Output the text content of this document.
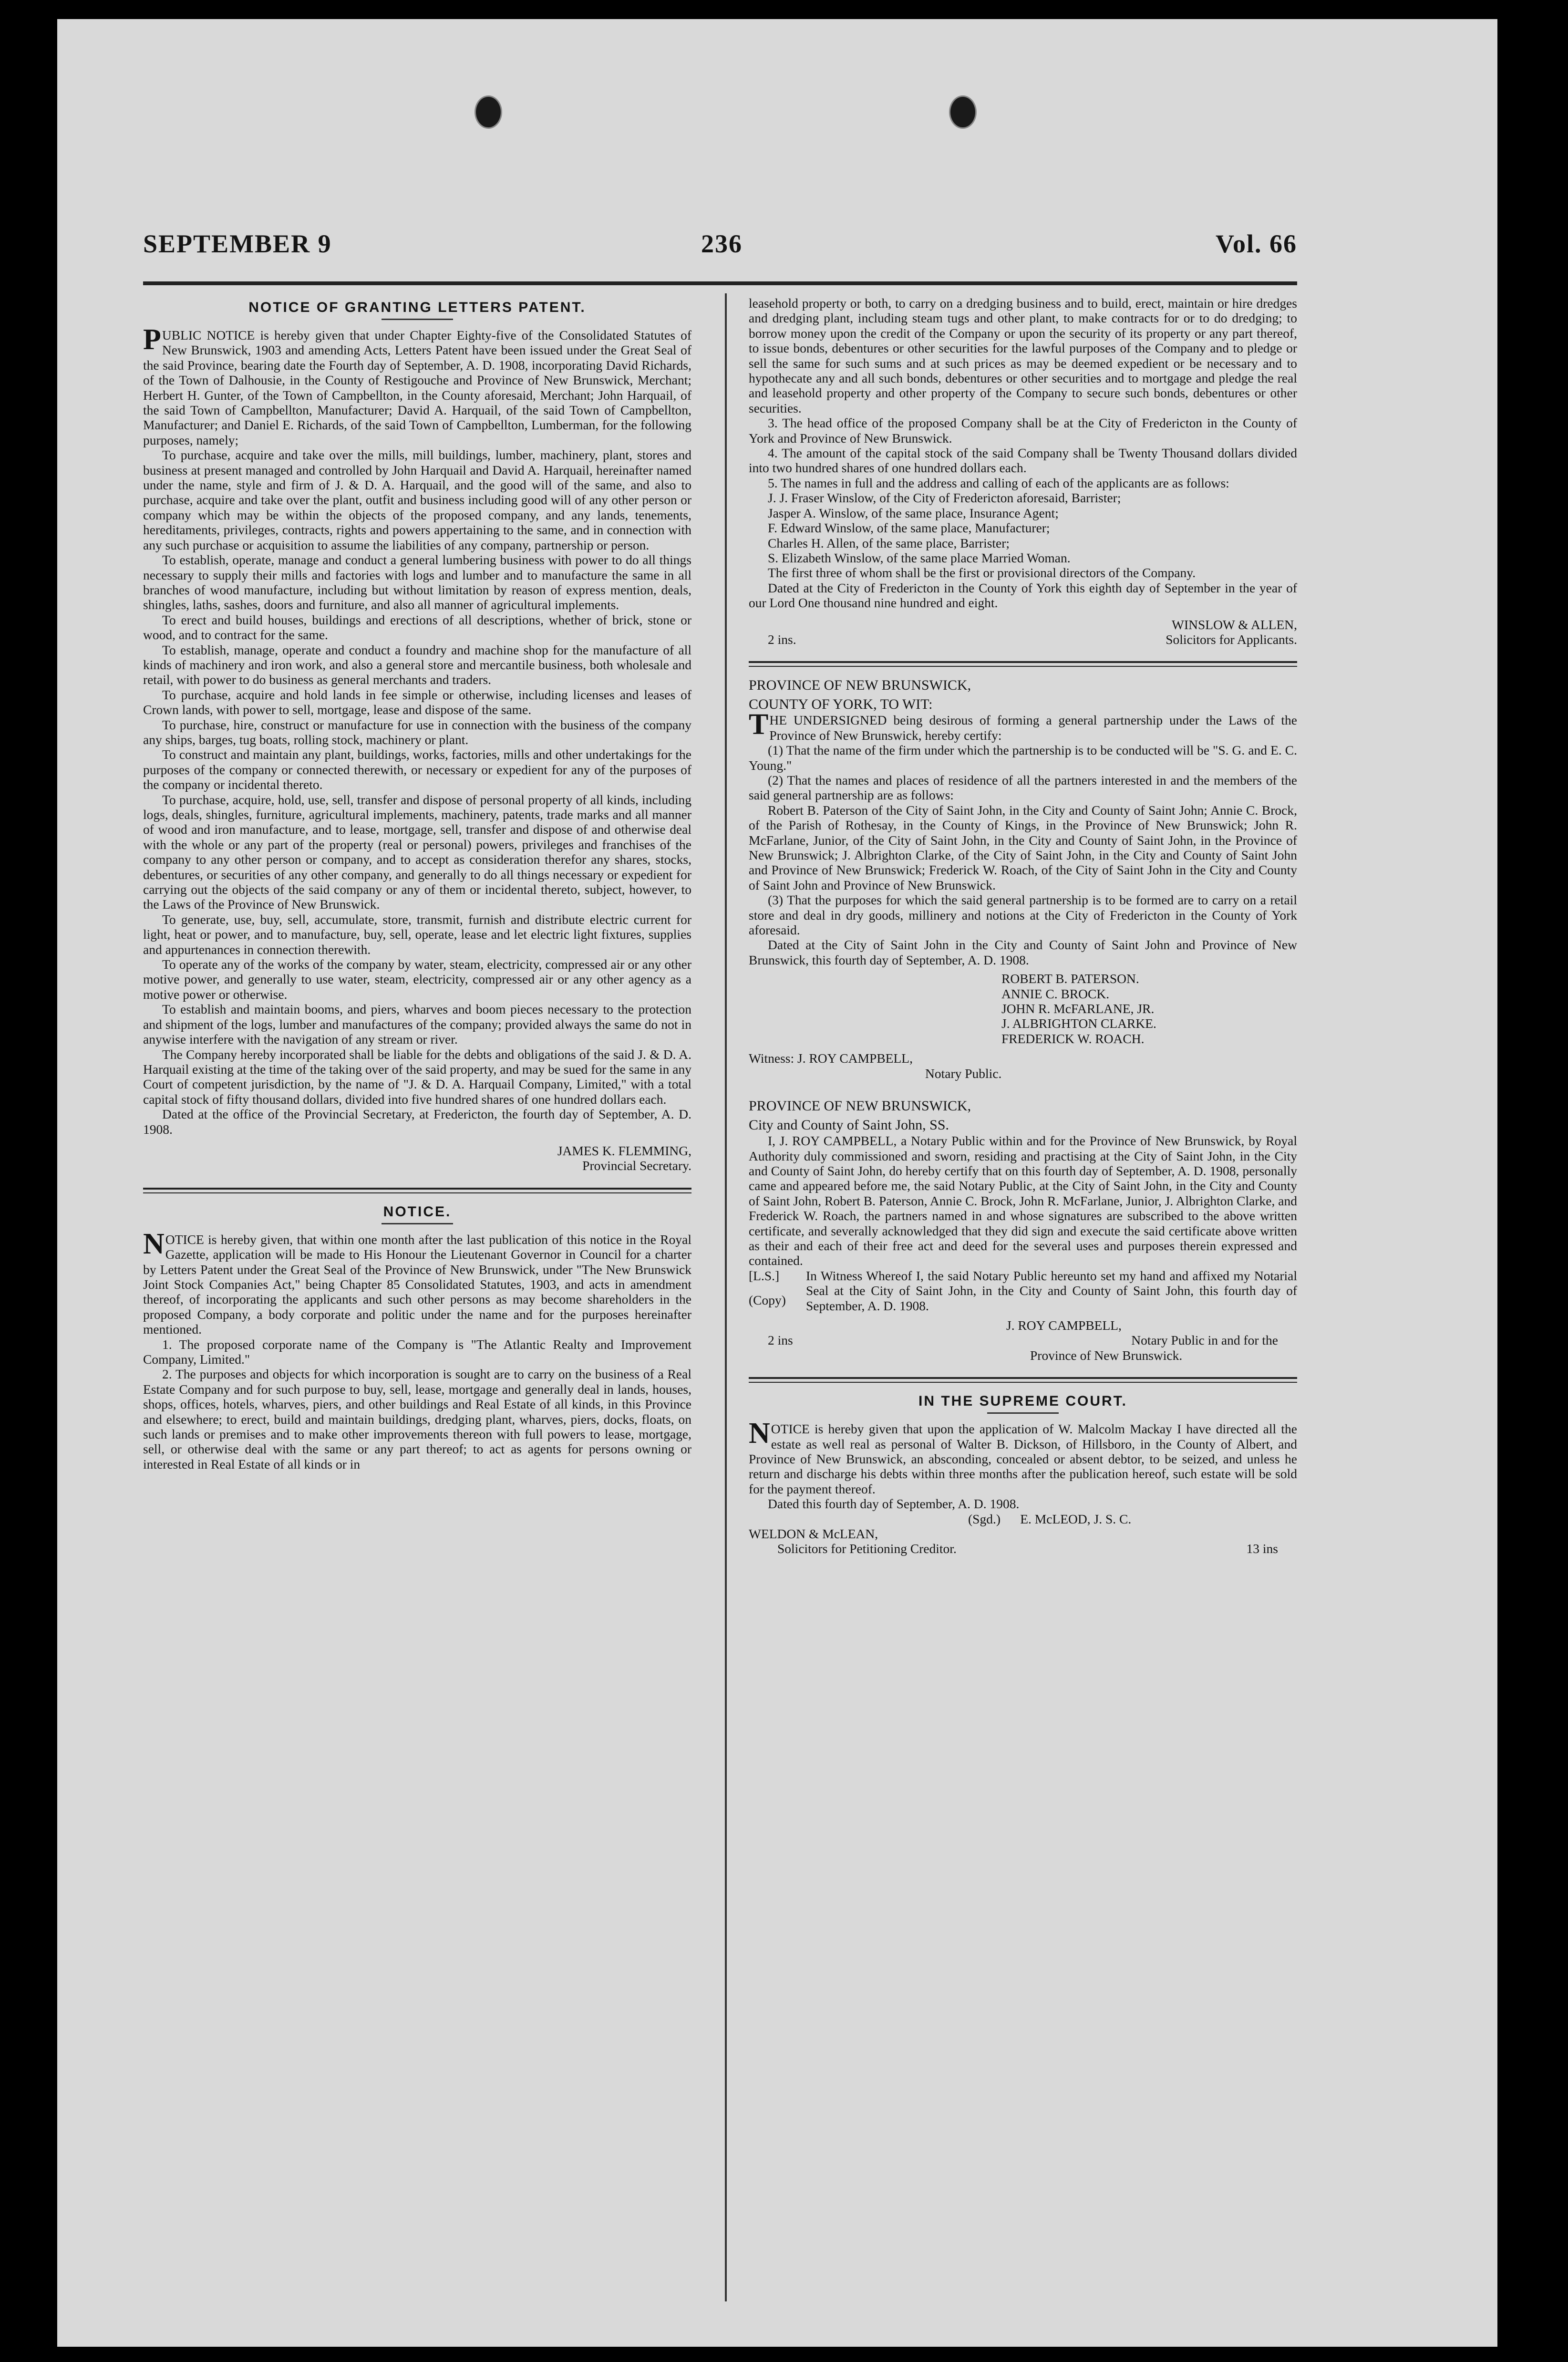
SEPTEMBER 9	236	Vol. 66
NOTICE OF GRANTING LETTERS PATENT.

PUBLIC NOTICE is hereby given that under Chapter Eighty-five of the Consolidated Statutes of New Brunswick, 1903 and amending Acts, Letters Patent have been issued under the Great Seal of the said Province, bearing date the Fourth day of September, A. D. 1908, incorporating David Richards, of the Town of Dalhousie, in the County of Restigouche and Province of New Brunswick, Merchant; Herbert H. Gunter, of the Town of Campbellton, in the County aforesaid, Merchant; John Harquail, of the said Town of Campbellton, Manufacturer; David A. Harquail, of the said Town of Campbellton, Manufacturer; and Daniel E. Richards, of the said Town of Campbellton, Lumberman, for the following purposes, namely;

To purchase, acquire and take over the mills, mill buildings, lumber, machinery, plant, stores and business at present managed and controlled by John Harquail and David A. Harquail, hereinafter named under the name, style and firm of J. & D. A. Harquail, and the good will of the same, and also to purchase, acquire and take over the plant, outfit and business including good will of any other person or company which may be within the objects of the proposed company, and any lands, tenements, hereditaments, privileges, contracts, rights and powers appertaining to the same, and in connection with any such purchase or acquisition to assume the liabilities of any company, partnership or person.

To establish, operate, manage and conduct a general lumbering business with power to do all things necessary to supply their mills and factories with logs and lumber and to manufacture the same in all branches of wood manufacture, including but without limitation by reason of express mention, deals, shingles, laths, sashes, doors and furniture, and also all manner of agricultural implements.

To erect and build houses, buildings and erections of all descriptions, whether of brick, stone or wood, and to contract for the same.

To establish, manage, operate and conduct a foundry and machine shop for the manufacture of all kinds of machinery and iron work, and also a general store and mercantile business, both wholesale and retail, with power to do business as general merchants and traders.

To purchase, acquire and hold lands in fee simple or otherwise, including licenses and leases of Crown lands, with power to sell, mortgage, lease and dispose of the same.

To purchase, hire, construct or manufacture for use in connection with the business of the company any ships, barges, tug boats, rolling stock, machinery or plant.

To construct and maintain any plant, buildings, works, factories, mills and other undertakings for the purposes of the company or connected therewith, or necessary or expedient for any of the purposes of the company or incidental thereto.

To purchase, acquire, hold, use, sell, transfer and dispose of personal property of all kinds, including logs, deals, shingles, furniture, agricultural implements, machinery, patents, trade marks and all manner of wood and iron manufacture, and to lease, mortgage, sell, transfer and dispose of and otherwise deal with the whole or any part of the property (real or personal) powers, privileges and franchises of the company to any other person or company, and to accept as consideration therefor any shares, stocks, debentures, or securities of any other company, and generally to do all things necessary or expedient for carrying out the objects of the said company or any of them or incidental thereto, subject, however, to the Laws of the Province of New Brunswick.

To generate, use, buy, sell, accumulate, store, transmit, furnish and distribute electric current for light, heat or power, and to manufacture, buy, sell, operate, lease and let electric light fixtures, supplies and appurtenances in connection therewith.

To operate any of the works of the company by water, steam, electricity, compressed air or any other motive power, and generally to use water, steam, electricity, compressed air or any other agency as a motive power or otherwise.

To establish and maintain booms, and piers, wharves and boom pieces necessary to the protection and shipment of the logs, lumber and manufactures of the company; provided always the same do not in anywise interfere with the navigation of any stream or river.

The Company hereby incorporated shall be liable for the debts and obligations of the said J. & D. A. Harquail existing at the time of the taking over of the said property, and may be sued for the same in any Court of competent jurisdiction, by the name of "J. & D. A. Harquail Company, Limited," with a total capital stock of fifty thousand dollars, divided into five hundred shares of one hundred dollars each.

Dated at the office of the Provincial Secretary, at Fredericton, the fourth day of September, A. D. 1908.

JAMES K. FLEMMING,

Provincial Secretary.

NOTICE.

NOTICE is hereby given, that within one month after the last publication of this notice in the Royal Gazette, application will be made to His Honour the Lieutenant Governor in Council for a charter by Letters Patent under the Great Seal of the Province of New Brunswick, under "The New Brunswick Joint Stock Companies Act," being Chapter 85 Consolidated Statutes, 1903, and acts in amendment thereof, of incorporating the applicants and such other persons as may become shareholders in the proposed Company, a body corporate and politic under the name and for the purposes hereinafter mentioned.

1. The proposed corporate name of the Company is "The Atlantic Realty and Improvement Company, Limited."

2. The purposes and objects for which incorporation is sought are to carry on the business of a Real Estate Company and for such purpose to buy, sell, lease, mortgage and generally deal in lands, houses, shops, offices, hotels, wharves, piers, and other buildings and Real Estate of all kinds, in this Province and elsewhere; to erect, build and maintain buildings, dredging plant, wharves, piers, docks, floats, on such lands or premises and to make other improvements thereon with full powers to lease, mortgage, sell, or otherwise deal with the same or any part thereof; to act as agents for persons owning or interested in Real Estate of all kinds or in

leasehold property or both, to carry on a dredging business and to build, erect, maintain or hire dredges and dredging plant, including steam tugs and other plant, to make contracts for or to do dredging; to borrow money upon the credit of the Company or upon the security of its property or any part thereof, to issue bonds, debentures or other securities for the lawful purposes of the Company and to pledge or sell the same for such sums and at such prices as may be deemed expedient or be necessary and to hypothecate any and all such bonds, debentures or other securities and to mortgage and pledge the real and leasehold property and other property of the Company to secure such bonds, debentures or other securities.

3. The head office of the proposed Company shall be at the City of Fredericton in the County of York and Province of New Brunswick.

4. The amount of the capital stock of the said Company shall be Twenty Thousand dollars divided into two hundred shares of one hundred dollars each.

5. The names in full and the address and calling of each of the applicants are as follows:

J. J. Fraser Winslow, of the City of Fredericton aforesaid, Barrister;

Jasper A. Winslow, of the same place, Insurance Agent;

F. Edward Winslow, of the same place, Manufacturer;

Charles H. Allen, of the same place, Barrister;

S. Elizabeth Winslow, of the same place Married Woman.

The first three of whom shall be the first or provisional directors of the Company.

Dated at the City of Fredericton in the County of York this eighth day of September in the year of our Lord One thousand nine hundred and eight.

WINSLOW & ALLEN,

2 ins.	Solicitors for Applicants.

PROVINCE OF NEW BRUNSWICK,

COUNTY OF YORK, TO WIT:

THE UNDERSIGNED being desirous of forming a general partnership under the Laws of the Province of New Brunswick, hereby certify:

(1) That the name of the firm under which the partnership is to be conducted will be "S. G. and E. C. Young."

(2) That the names and places of residence of all the partners interested in and the members of the said general partnership are as follows:

Robert B. Paterson of the City of Saint John, in the City and County of Saint John; Annie C. Brock, of the Parish of Rothesay, in the County of Kings, in the Province of New Brunswick; John R. McFarlane, Junior, of the City of Saint John, in the City and County of Saint John, in the Province of New Brunswick; J. Albrighton Clarke, of the City of Saint John, in the City and County of Saint John and Province of New Brunswick; Frederick W. Roach, of the City of Saint John in the City and County of Saint John and Province of New Brunswick.

(3) That the purposes for which the said general partnership is to be formed are to carry on a retail store and deal in dry goods, millinery and notions at the City of Fredericton in the County of York aforesaid.

Dated at the City of Saint John in the City and County of Saint John and Province of New Brunswick, this fourth day of September, A. D. 1908.

ROBERT B. PATERSON.
ANNIE C. BROCK.
JOHN R. McFARLANE, JR.
J. ALBRIGHTON CLARKE.
FREDERICK W. ROACH.

Witness: J. ROY CAMPBELL,

Notary Public.

PROVINCE OF NEW BRUNSWICK,

City and County of Saint John, SS.

I, J. ROY CAMPBELL, a Notary Public within and for the Province of New Brunswick, by Royal Authority duly commissioned and sworn, residing and practising at the City of Saint John, in the City and County of Saint John, do hereby certify that on this fourth day of September, A. D. 1908, personally came and appeared before me, the said Notary Public, at the City of Saint John, in the City and County of Saint John, Robert B. Paterson, Annie C. Brock, John R. McFarlane, Junior, J. Albrighton Clarke, and Frederick W. Roach, the partners named in and whose signatures are subscribed to the above written certificate, and severally acknowledged that they did sign and execute the said certificate above written as their and each of their free act and deed for the several uses and purposes therein expressed and contained.

[L.S.]
(Copy)
In Witness Whereof I, the said Notary Public hereunto set my hand and affixed my Notarial Seal at the City of Saint John, in the City and County of Saint John, this fourth day of September, A. D. 1908.

J. ROY CAMPBELL,

2 ins	Notary Public in and for the

Province of New Brunswick.

IN THE SUPREME COURT.

NOTICE is hereby given that upon the application of W. Malcolm Mackay I have directed all the estate as well real as personal of Walter B. Dickson, of Hillsboro, in the County of Albert, and Province of New Brunswick, an absconding, concealed or absent debtor, to be seized, and unless he return and discharge his debts within three months after the publication hereof, such estate will be sold for the payment thereof.

Dated this fourth day of September, A. D. 1908.

(Sgd.) E. McLEOD, J. S. C.

WELDON & McLEAN,

Solicitors for Petitioning Creditor.	13 ins
